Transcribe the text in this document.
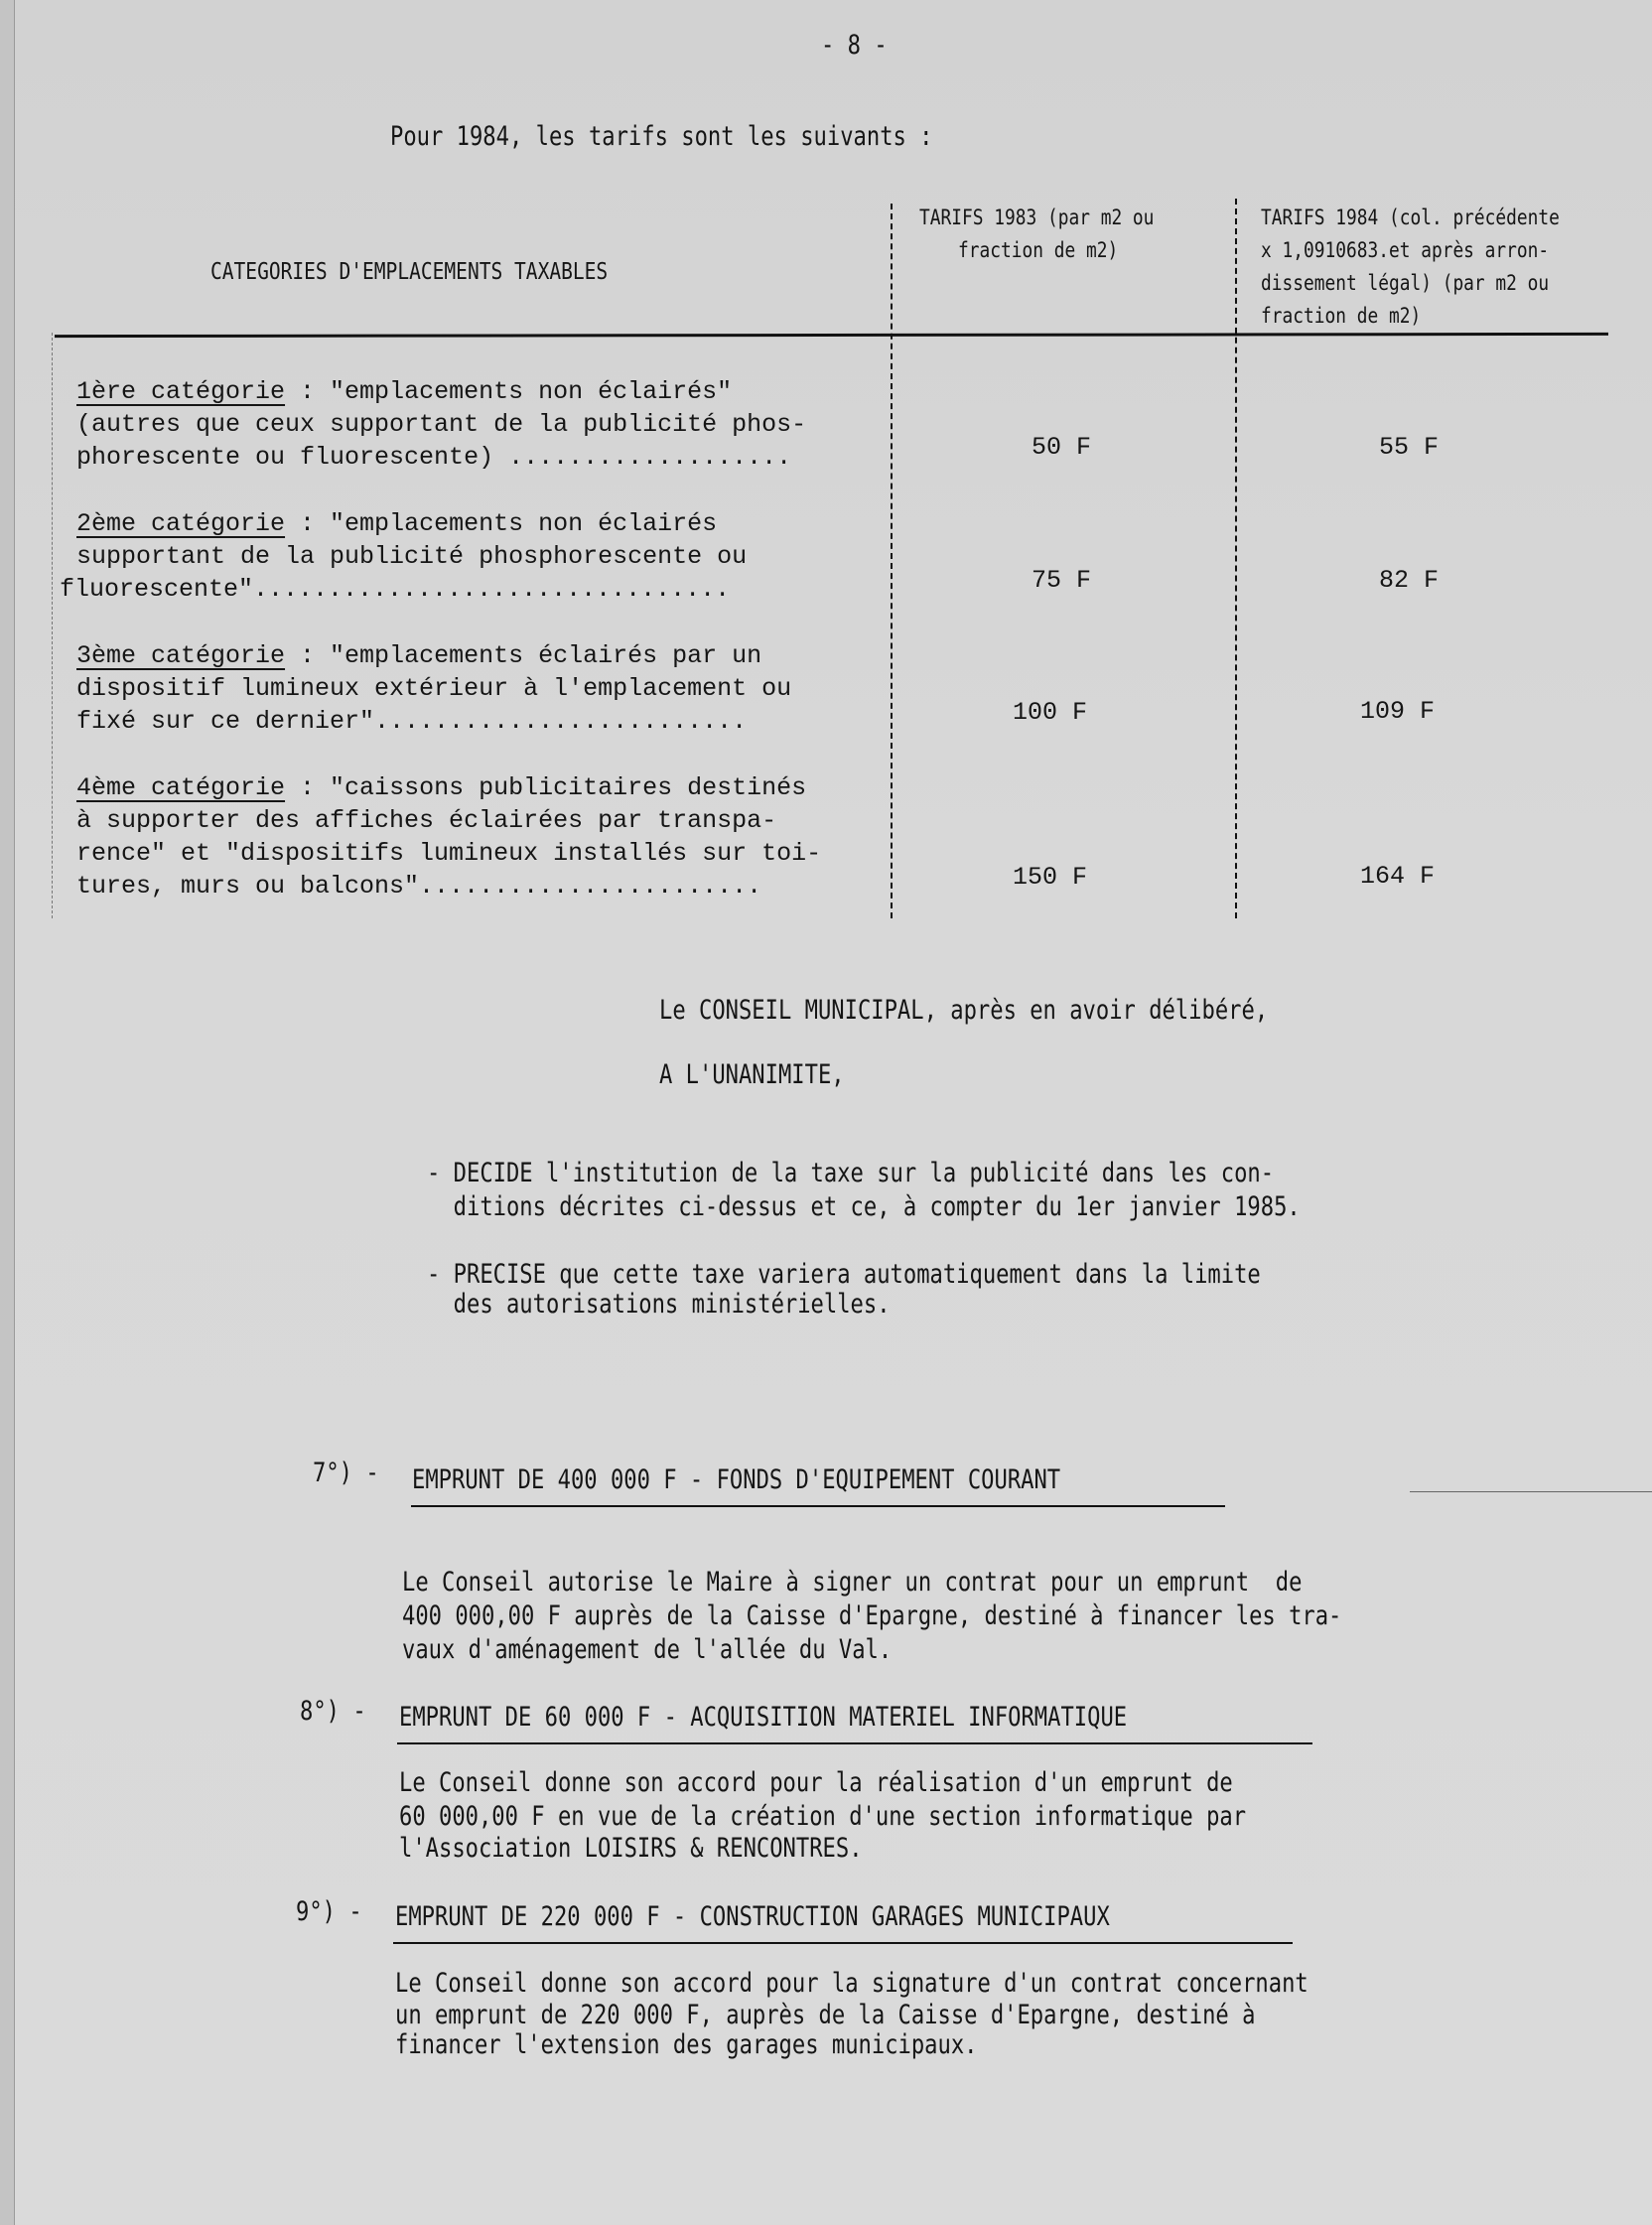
- 8 -
Pour 1984, les tarifs sont les suivants :
CATEGORIES D'EMPLACEMENTS TAXABLES
TARIFS 1983 (par m2 ou
fraction de m2)
TARIFS 1984 (col. précédente
x 1,0910683.et après arron-
dissement légal) (par m2 ou
fraction de m2)
1ère catégorie : "emplacements non éclairés"
(autres que ceux supportant de la publicité phos-
phorescente ou fluorescente) ...................	50 F	55 F
2ème catégorie : "emplacements non éclairés
supportant de la publicité phosphorescente ou
fluorescente"................................	75 F	82 F
3ème catégorie : "emplacements éclairés par un
dispositif lumineux extérieur à l'emplacement ou
fixé sur ce dernier".........................	100 F	109 F
4ème catégorie : "caissons publicitaires destinés
à supporter des affiches éclairées par transpa-
rence" et "dispositifs lumineux installés sur toi-
tures, murs ou balcons".......................	150 F	164 F
Le CONSEIL MUNICIPAL, après en avoir délibéré,
A L'UNANIMITE,
- DECIDE l'institution de la taxe sur la publicité dans les con-
ditions décrites ci-dessus et ce, à compter du 1er janvier 1985.
- PRECISE que cette taxe variera automatiquement dans la limite
des autorisations ministérielles.
7°) - EMPRUNT DE 400 000 F - FONDS D'EQUIPEMENT COURANT
Le Conseil autorise le Maire à signer un contrat pour un emprunt  de
400 000,00 F auprès de la Caisse d'Epargne, destiné à financer les tra-
vaux d'aménagement de l'allée du Val.
8°) - EMPRUNT DE 60 000 F - ACQUISITION MATERIEL INFORMATIQUE
Le Conseil donne son accord pour la réalisation d'un emprunt de
60 000,00 F en vue de la création d'une section informatique par
l'Association LOISIRS & RENCONTRES.
9°) - EMPRUNT DE 220 000 F - CONSTRUCTION GARAGES MUNICIPAUX
Le Conseil donne son accord pour la signature d'un contrat concernant
un emprunt de 220 000 F, auprès de la Caisse d'Epargne, destiné à
financer l'extension des garages municipaux.
